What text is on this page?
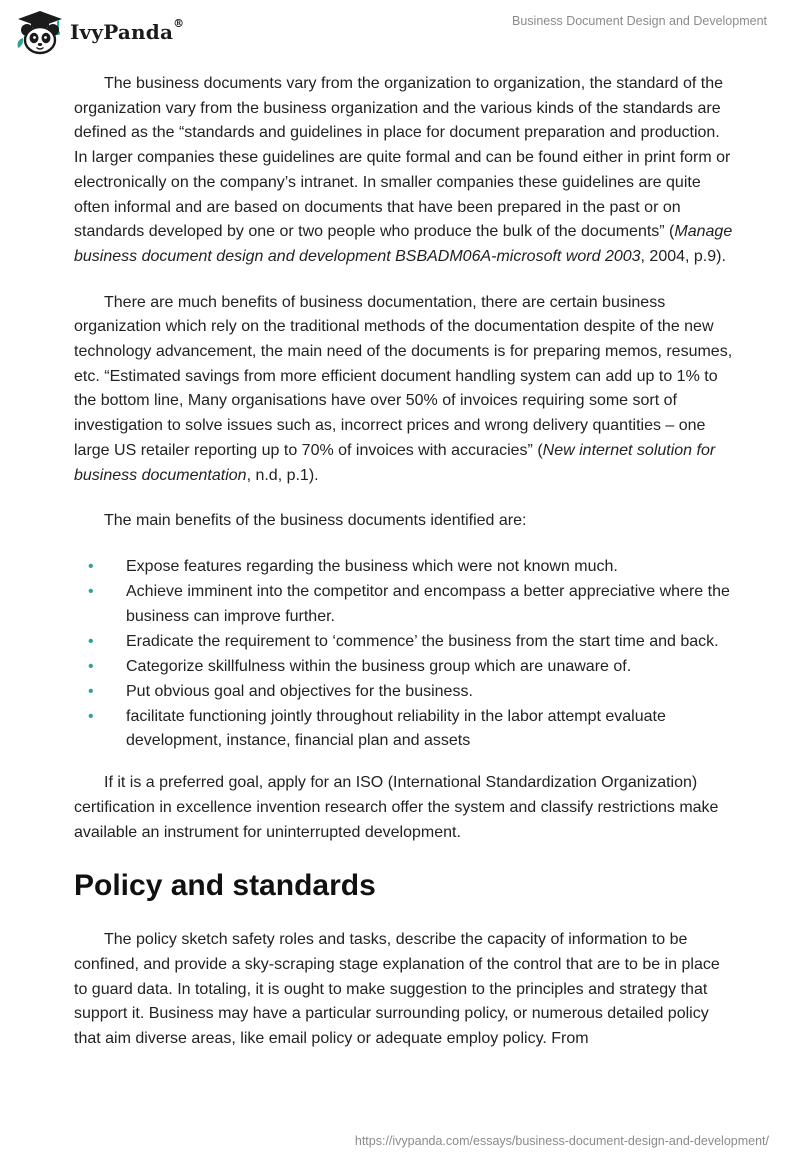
IvyPanda®	Business Document Design and Development

The business documents vary from the organization to organization, the standard of the organization vary from the business organization and the various kinds of the standards are defined as the “standards and guidelines in place for document preparation and production. In larger companies these guidelines are quite formal and can be found either in print form or electronically on the company’s intranet. In smaller companies these guidelines are quite often informal and are based on documents that have been prepared in the past or on standards developed by one or two people who produce the bulk of the documents” (Manage business document design and development BSBADM06A-microsoft word 2003, 2004, p.9).

There are much benefits of business documentation, there are certain business organization which rely on the traditional methods of the documentation despite of the new technology advancement, the main need of the documents is for preparing memos, resumes, etc. “Estimated savings from more efficient document handling system can add up to 1% to the bottom line, Many organisations have over 50% of invoices requiring some sort of investigation to solve issues such as, incorrect prices and wrong delivery quantities – one large US retailer reporting up to 70% of invoices with accuracies” (New internet solution for business documentation, n.d, p.1).

The main benefits of the business documents identified are:

• Expose features regarding the business which were not known much.
• Achieve imminent into the competitor and encompass a better appreciative where the business can improve further.
• Eradicate the requirement to ‘commence’ the business from the start time and back.
• Categorize skillfulness within the business group which are unaware of.
• Put obvious goal and objectives for the business.
• facilitate functioning jointly throughout reliability in the labor attempt evaluate development, instance, financial plan and assets

If it is a preferred goal, apply for an ISO (International Standardization Organization) certification in excellence invention research offer the system and classify restrictions make available an instrument for uninterrupted development.

Policy and standards

The policy sketch safety roles and tasks, describe the capacity of information to be confined, and provide a sky-scraping stage explanation of the control that are to be in place to guard data. In totaling, it is ought to make suggestion to the principles and strategy that support it. Business may have a particular surrounding policy, or numerous detailed policy that aim diverse areas, like email policy or adequate employ policy. From

https://ivypanda.com/essays/business-document-design-and-development/
